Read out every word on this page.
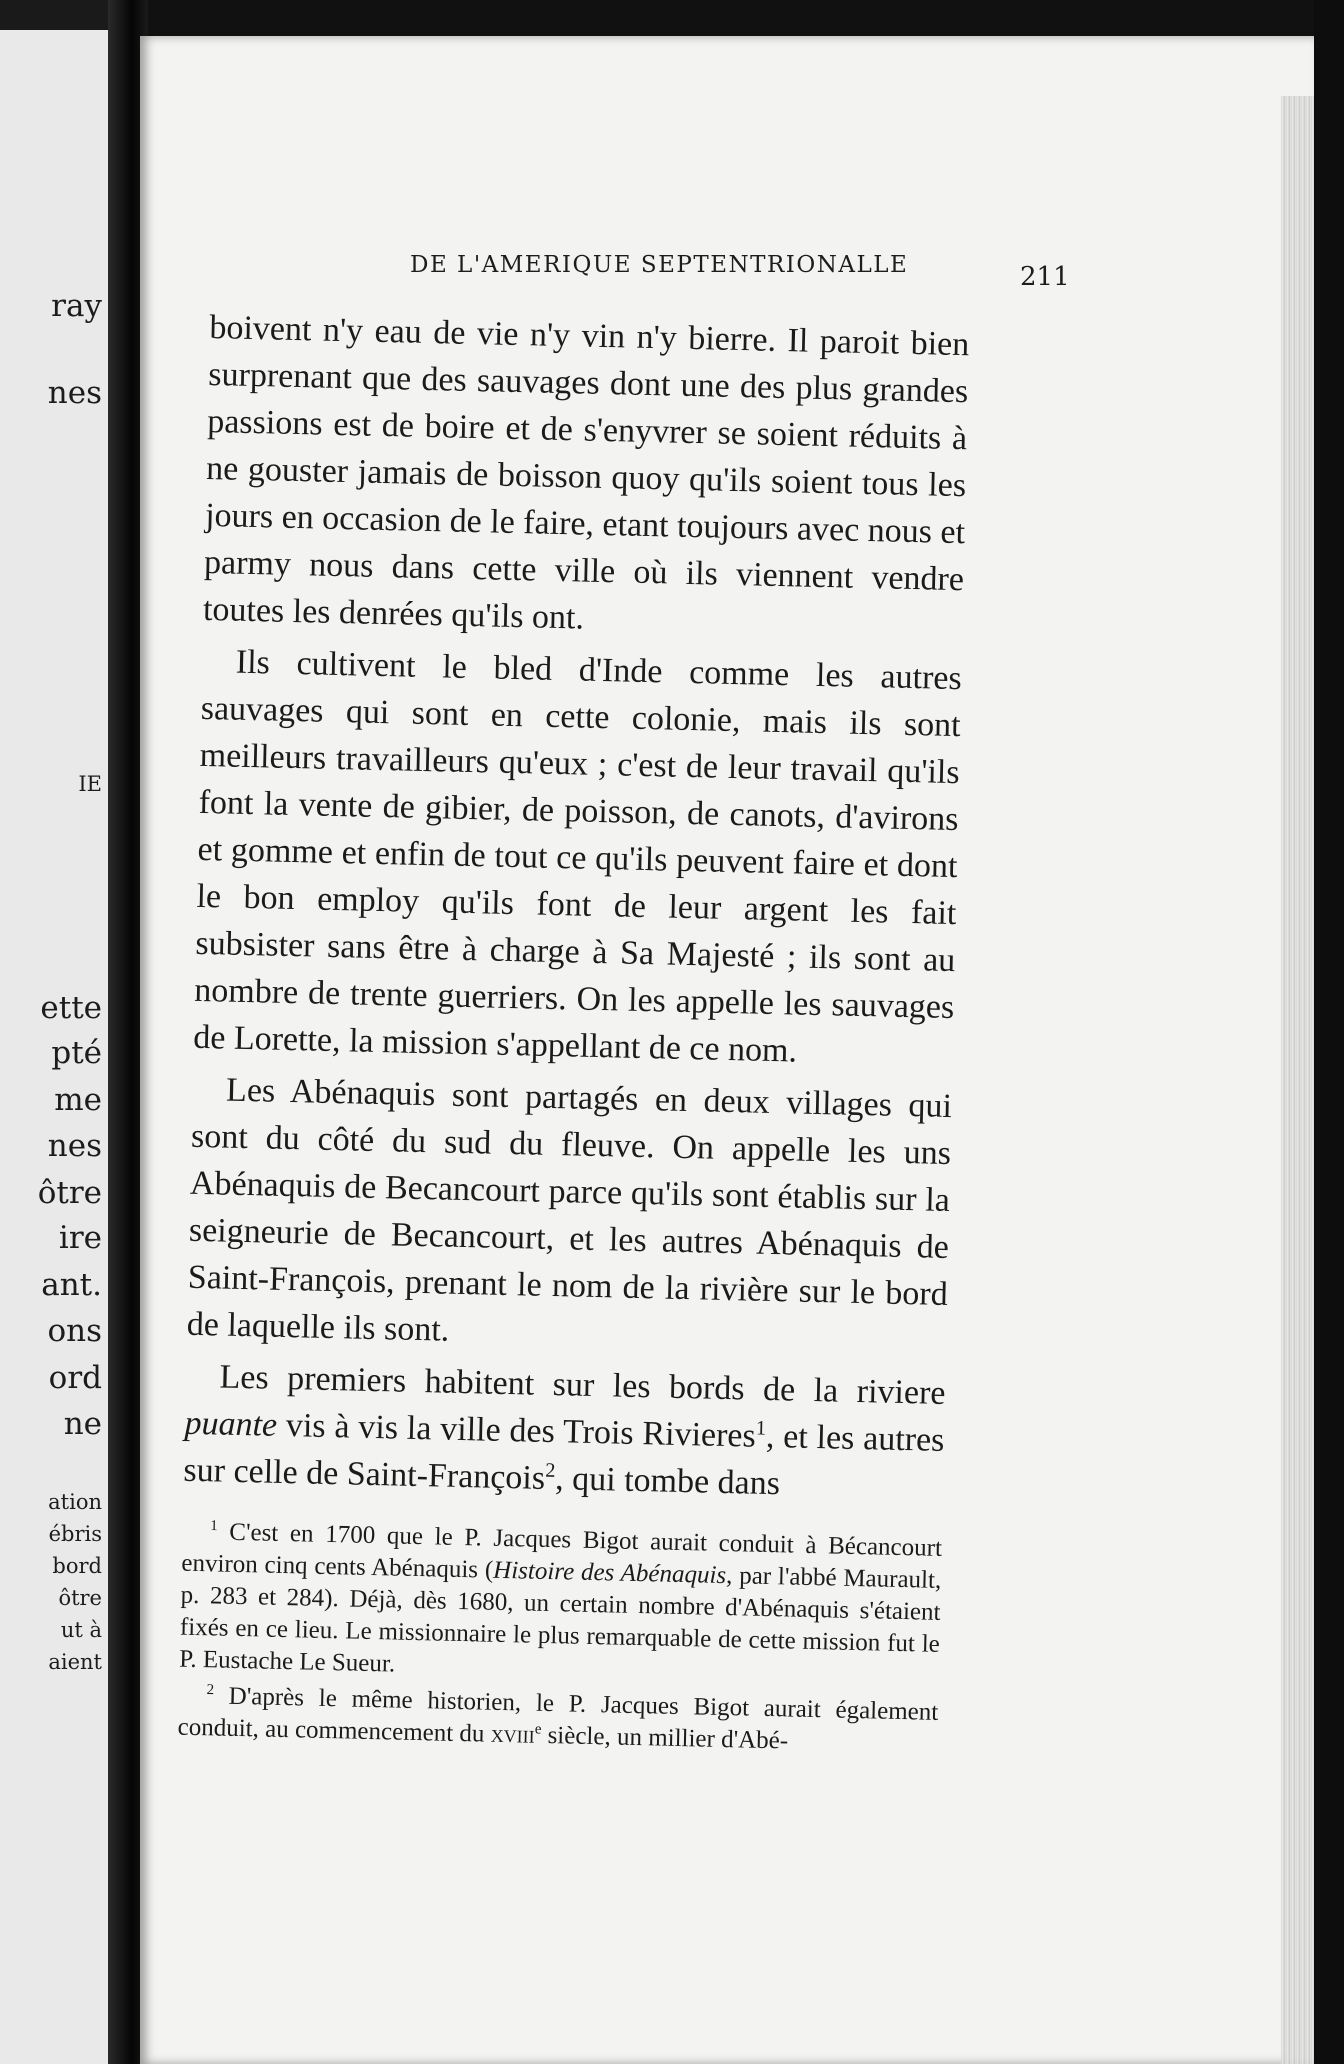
ray
nes
IE
ette
pté
me
nes
ôtre
ire
ant.
ons
ord
ne
ation
ébris
bord
ôtre
ut à
aient
DE L'AMERIQUE SEPTENTRIONALLE	211

boivent n'y eau de vie n'y vin n'y bierre. Il paroit bien surprenant que des sauvages dont une des plus grandes passions est de boire et de s'enyvrer se soient réduits à ne gouster jamais de boisson quoy qu'ils soient tous les jours en occasion de le faire, etant toujours avec nous et parmy nous dans cette ville où ils viennent vendre toutes les denrées qu'ils ont.

Ils cultivent le bled d'Inde comme les autres sauvages qui sont en cette colonie, mais ils sont meilleurs travailleurs qu'eux ; c'est de leur travail qu'ils font la vente de gibier, de poisson, de canots, d'avirons et gomme et enfin de tout ce qu'ils peuvent faire et dont le bon employ qu'ils font de leur argent les fait subsister sans être à charge à Sa Majesté ; ils sont au nombre de trente guerriers. On les appelle les sauvages de Lorette, la mission s'appellant de ce nom.

Les Abénaquis sont partagés en deux villages qui sont du côté du sud du fleuve. On appelle les uns Abénaquis de Becancourt parce qu'ils sont établis sur la seigneurie de Becancourt, et les autres Abénaquis de Saint-François, prenant le nom de la rivière sur le bord de laquelle ils sont.

Les premiers habitent sur les bords de la riviere puante vis à vis la ville des Trois Rivieres$^1$, et les autres sur celle de Saint-François$^2$, qui tombe dans

$^1$ C'est en 1700 que le P. Jacques Bigot aurait conduit à Bécancourt environ cinq cents Abénaquis (Histoire des Abénaquis, par l'abbé Maurault, p. 283 et 284). Déjà, dès 1680, un certain nombre d'Abénaquis s'étaient fixés en ce lieu. Le missionnaire le plus remarquable de cette mission fut le P. Eustache Le Sueur.

$^2$ D'après le même historien, le P. Jacques Bigot aurait également conduit, au commencement du xviii$^e$ siècle, un millier d'Abé-
